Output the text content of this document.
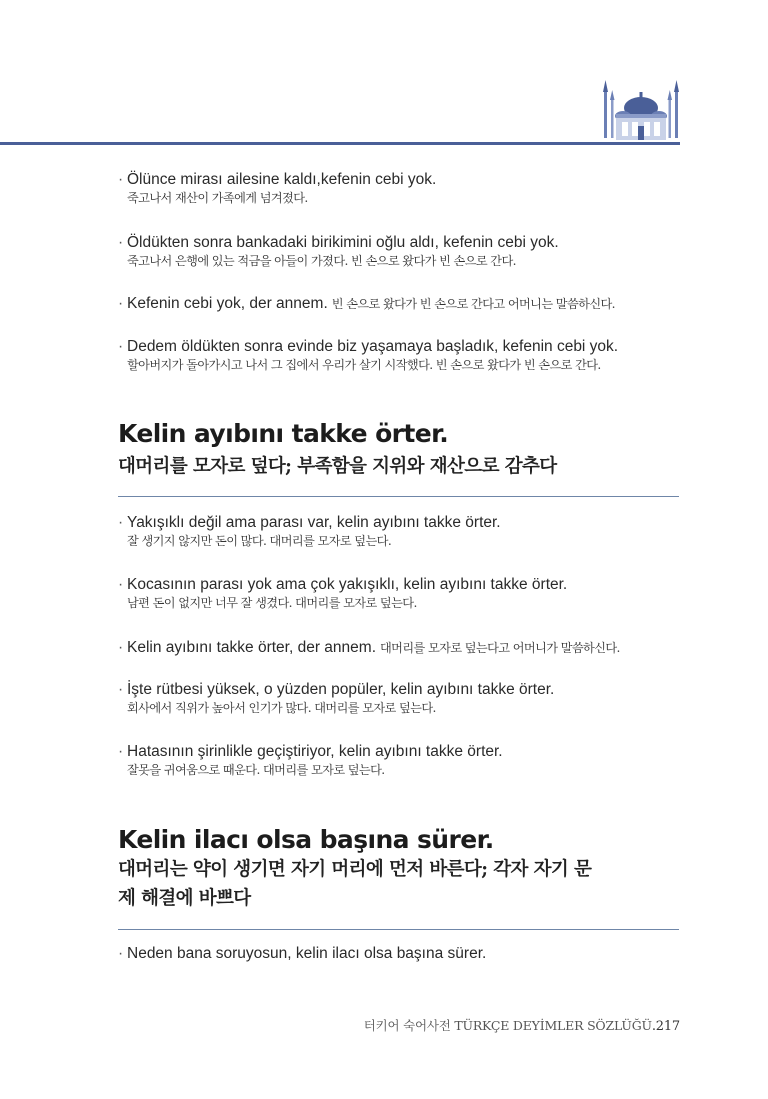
· Ölünce mirası ailesine kaldı,kefenin cebi yok.
죽고나서 재산이 가족에게 넘겨졌다.
· Öldükten sonra bankadaki birikimini oğlu aldı, kefenin cebi yok.
죽고나서 은행에 있는 적금을 아들이 가졌다. 빈 손으로 왔다가 빈 손으로 간다.
· Kefenin cebi yok, der annem. 빈 손으로 왔다가 빈 손으로 간다고 어머니는 말씀하신다.
· Dedem öldükten sonra evinde biz yaşamaya başladık, kefenin cebi yok.
할아버지가 돌아가시고 나서 그 집에서 우리가 살기 시작했다. 빈 손으로 왔다가 빈 손으로 간다.
Kelin ayıbını takke örter.
대머리를 모자로 덮다; 부족함을 지위와 재산으로 감추다
· Yakışıklı değil ama parası var, kelin ayıbını takke örter.
잘 생기지 않지만 돈이 많다. 대머리를 모자로 덮는다.
· Kocasının parası yok ama çok yakışıklı, kelin ayıbını takke örter.
남편 돈이 없지만 너무 잘 생겼다. 대머리를 모자로 덮는다.
· Kelin ayıbını takke örter, der annem. 대머리를 모자로 덮는다고 어머니가 말씀하신다.
· İşte rütbesi yüksek, o yüzden popüler, kelin ayıbını takke örter.
회사에서 직위가 높아서 인기가 많다. 대머리를 모자로 덮는다.
· Hatasının şirinlikle geçiştiriyor, kelin ayıbını takke örter.
잘못을 귀여움으로 때운다. 대머리를 모자로 덮는다.
Kelin ilacı olsa başına sürer.
대머리는 약이 생기면 자기 머리에 먼저 바른다; 각자 자기 문
제 해결에 바쁘다
· Neden bana soruyosun, kelin ilacı olsa başına sürer.
터키어 숙어사전 TÜRKÇE DEYİMLER SÖZLÜĞÜ.217
